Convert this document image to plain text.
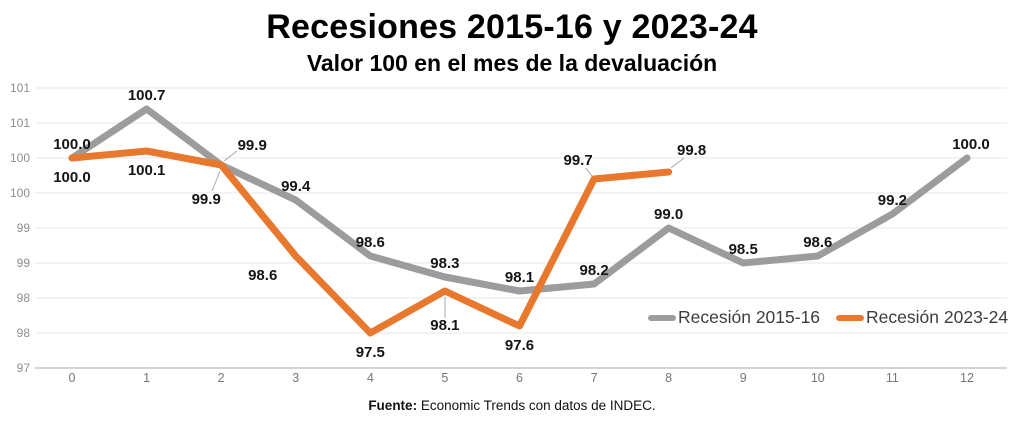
101
101
100
100
99
99
98
98
97
0	1	2	3	4	5	6	7	8	9	10	11	12
100.0
100.7
99.9
99.4
98.6
98.3
98.1	98.2
99.0
98.5	98.6
99.2
100.0
100.0 100.1
99.9
98.6
97.5
98.1
97.6
99.7
99.8
Recesiones 2015-16 y 2023-24
Valor 100 en el mes de la devaluación
Recesión 2015-16	Recesión 2023-24
Fuente: Economic Trends con datos de INDEC.
